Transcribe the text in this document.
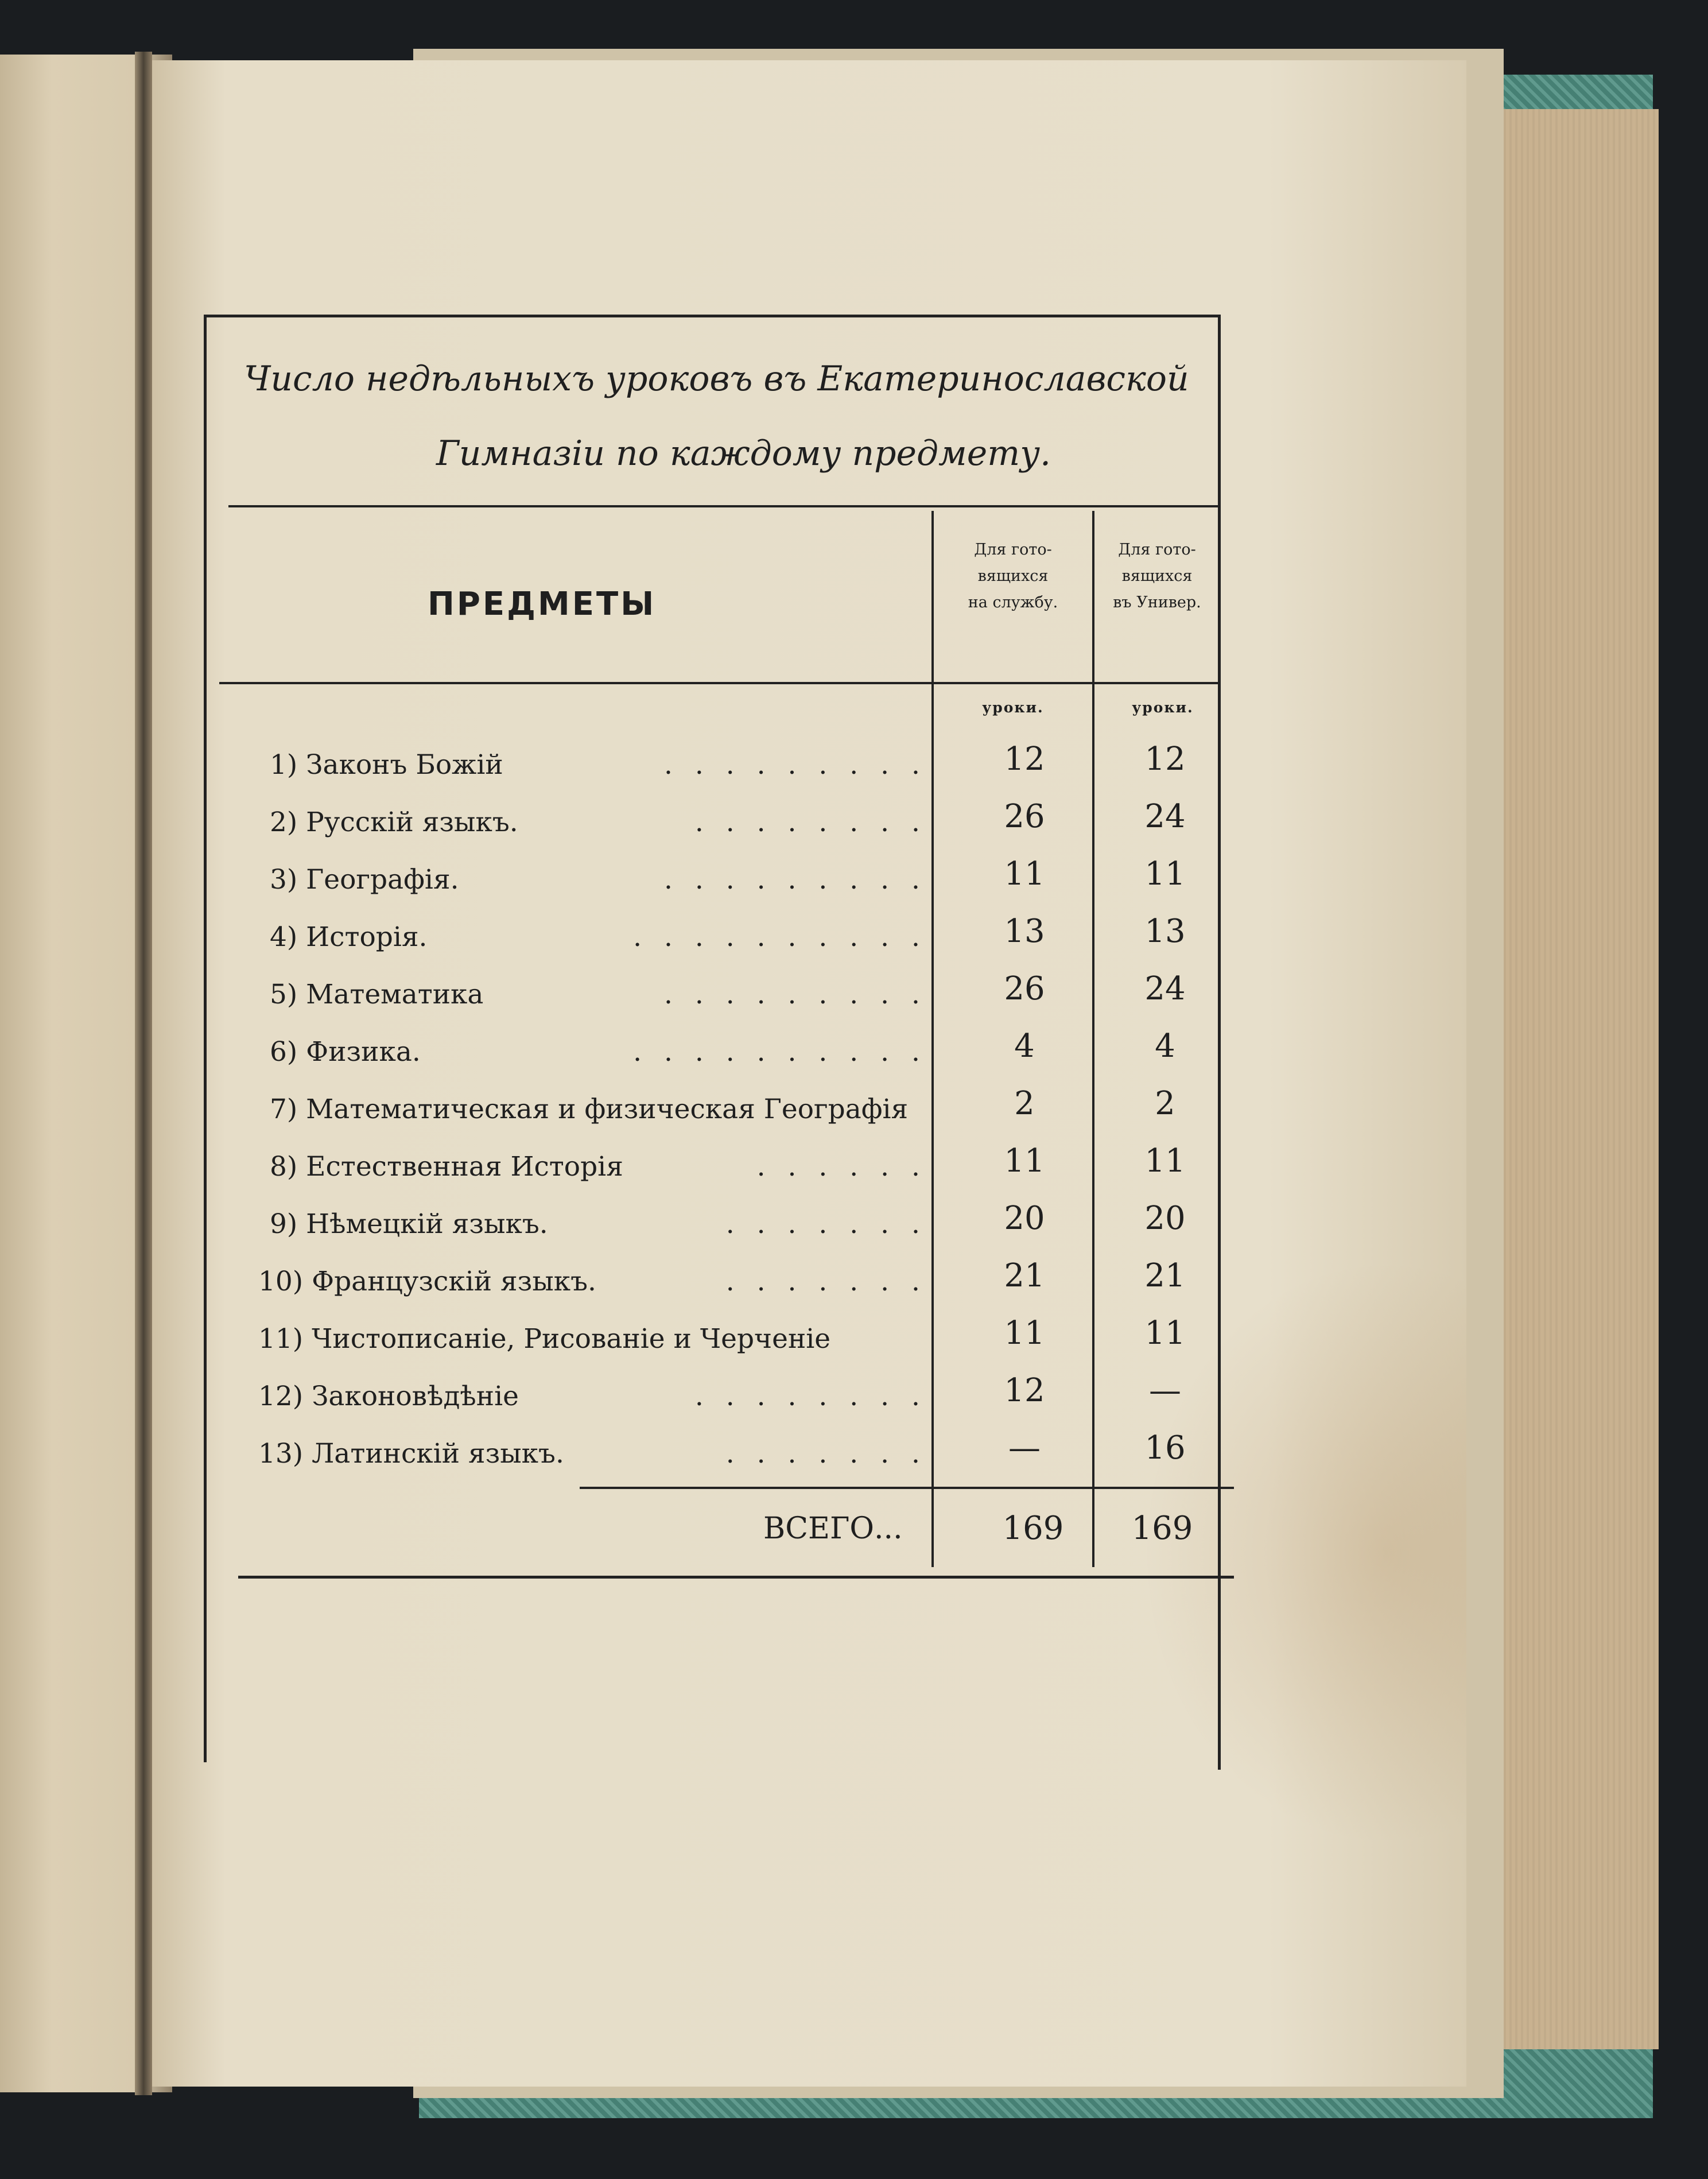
Число недѣльныхъ уроковъ въ Екатеринославской
Гимназіи по каждому предмету.
ПРЕДМЕТЫ
Для гото-
вящихся
на службу.
Для гото-
вящихся
въ Универ.
уроки.	уроки.
1) Законъ Божій	. . . . . . . . .	12	12
2) Русскій языкъ.	. . . . . . . .	26	24
3) Географія.	. . . . . . . . .	11	11
4) Исторія.	. . . . . . . . . .	13	13
5) Математика	. . . . . . . . .	26	24
6) Физика.	. . . . . . . . . .	4	4
7) Математическая и физическая Географія	2	2
8) Естественная Исторія	. . . . . .	11	11
9) Нѣмецкій языкъ.	. . . . . . .	20	20
10) Французскій языкъ.	. . . . . . .	21	21
11) Чистописаніе, Рисованіе и Черченіе	11	11
12) Законовѣдѣніе	. . . . . . . .	12	—
13) Латинскій языкъ.	. . . . . . .	—	16
ВСЕГО...	169	169
